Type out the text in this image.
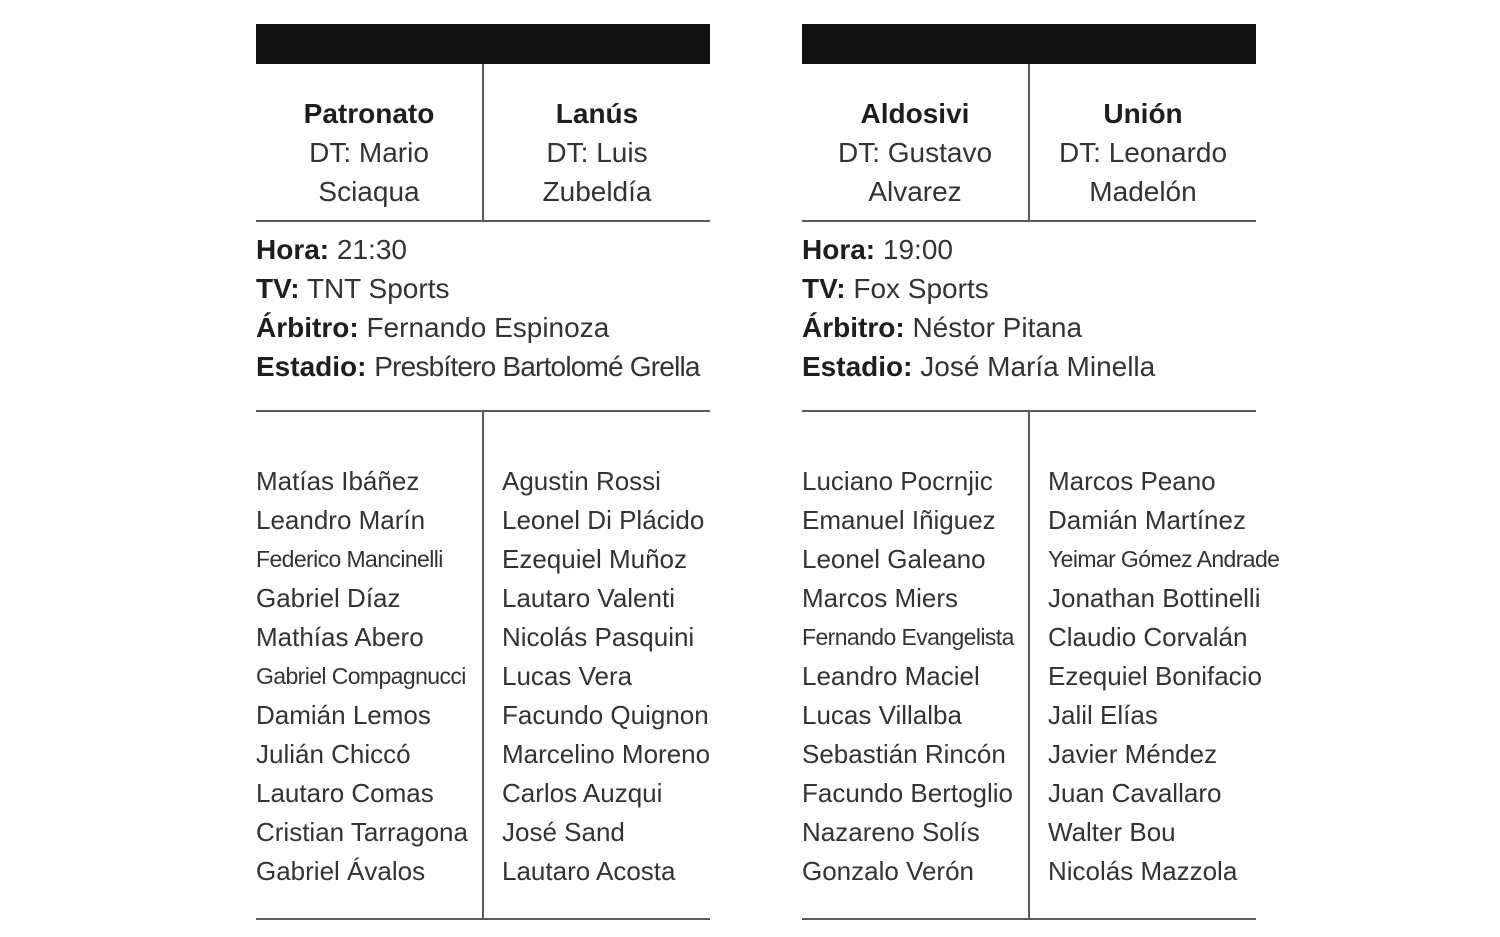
Patronato
DT: Mario
Sciaqua
Lanús
DT: Luis
Zubeldía
Hora: 21:30
TV: TNT Sports
Árbitro: Fernando Espinoza
Estadio: Presbítero Bartolomé Grella
Matías Ibáñez
Leandro Marín
Federico Mancinelli
Gabriel Díaz
Mathías Abero
Gabriel Compagnucci
Damián Lemos
Julián Chiccó
Lautaro Comas
Cristian Tarragona
Gabriel Ávalos
Agustin Rossi
Leonel Di Plácido
Ezequiel Muñoz
Lautaro Valenti
Nicolás Pasquini
Lucas Vera
Facundo Quignon
Marcelino Moreno
Carlos Auzqui
José Sand
Lautaro Acosta
Aldosivi
DT: Gustavo
Alvarez
Unión
DT: Leonardo
Madelón
Hora: 19:00
TV: Fox Sports
Árbitro: Néstor Pitana
Estadio: José María Minella
Luciano Pocrnjic
Emanuel Iñiguez
Leonel Galeano
Marcos Miers
Fernando Evangelista
Leandro Maciel
Lucas Villalba
Sebastián Rincón
Facundo Bertoglio
Nazareno Solís
Gonzalo Verón
Marcos Peano
Damián Martínez
Yeimar Gómez Andrade
Jonathan Bottinelli
Claudio Corvalán
Ezequiel Bonifacio
Jalil Elías
Javier Méndez
Juan Cavallaro
Walter Bou
Nicolás Mazzola
